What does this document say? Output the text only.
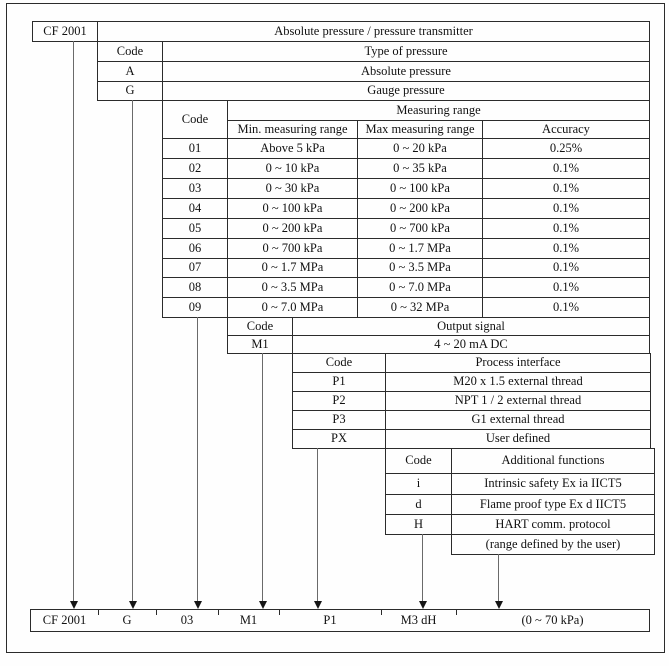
CF 2001	Absolute pressure / pressure transmitter
Code	Type of pressure
A	Absolute pressure
G	Gauge pressure
Code
Measuring range
Min. measuring range	Max measuring range	Accuracy
01	Above 5 kPa	0 ~ 20 kPa	0.25%
02	0 ~ 10 kPa	0 ~ 35 kPa	0.1%
03	0 ~ 30 kPa	0 ~ 100 kPa	0.1%
04	0 ~ 100 kPa	0 ~ 200 kPa	0.1%
05	0 ~ 200 kPa	0 ~ 700 kPa	0.1%
06	0 ~ 700 kPa	0 ~ 1.7 MPa	0.1%
07	0 ~ 1.7 MPa	0 ~ 3.5 MPa	0.1%
08	0 ~ 3.5 MPa	0 ~ 7.0 MPa	0.1%
09	0 ~ 7.0 MPa	0 ~ 32 MPa	0.1%
Code	Output signal
M1	4 ~ 20 mA DC
Code	Process interface
P1	M20 x 1.5 external thread
P2	NPT 1 / 2 external thread
P3	G1 external thread
PX	User defined
Code	Additional functions
i	Intrinsic safety Ex ia IICT5
d	Flame proof type Ex d IICT5
H	HART comm. protocol
(range defined by the user)
CF 2001	G	03	M1	P1	M3 dH	(0 ~ 70 kPa)
